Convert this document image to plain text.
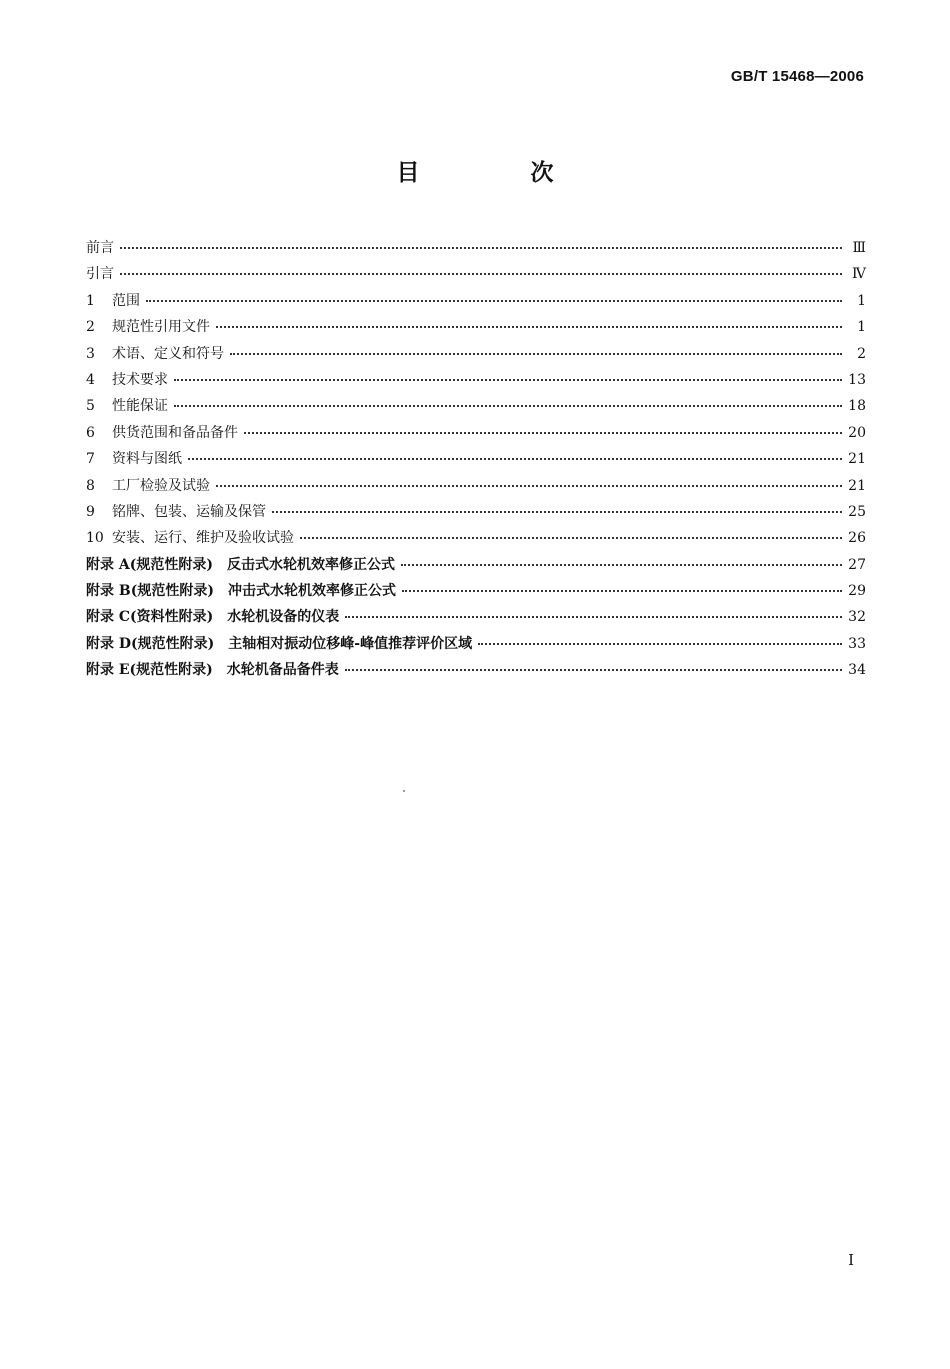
GB/T 15468—2006
目　次
前言	Ⅲ
引言	Ⅳ
1	范围	1
2	规范性引用文件	1
3	术语、定义和符号	2
4	技术要求	13
5	性能保证	18
6	供货范围和备品备件	20
7	资料与图纸	21
8	工厂检验及试验	21
9	铭牌、包装、运输及保管	25
10 安装、运行、维护及验收试验	26
附录 A(规范性附录)　反击式水轮机效率修正公式	27
附录 B(规范性附录)　冲击式水轮机效率修正公式	29
附录 C(资料性附录)　水轮机设备的仪表	32
附录 D(规范性附录)　主轴相对振动位移峰-峰值推荐评价区域	33
附录 E(规范性附录)　水轮机备品备件表	34
I
